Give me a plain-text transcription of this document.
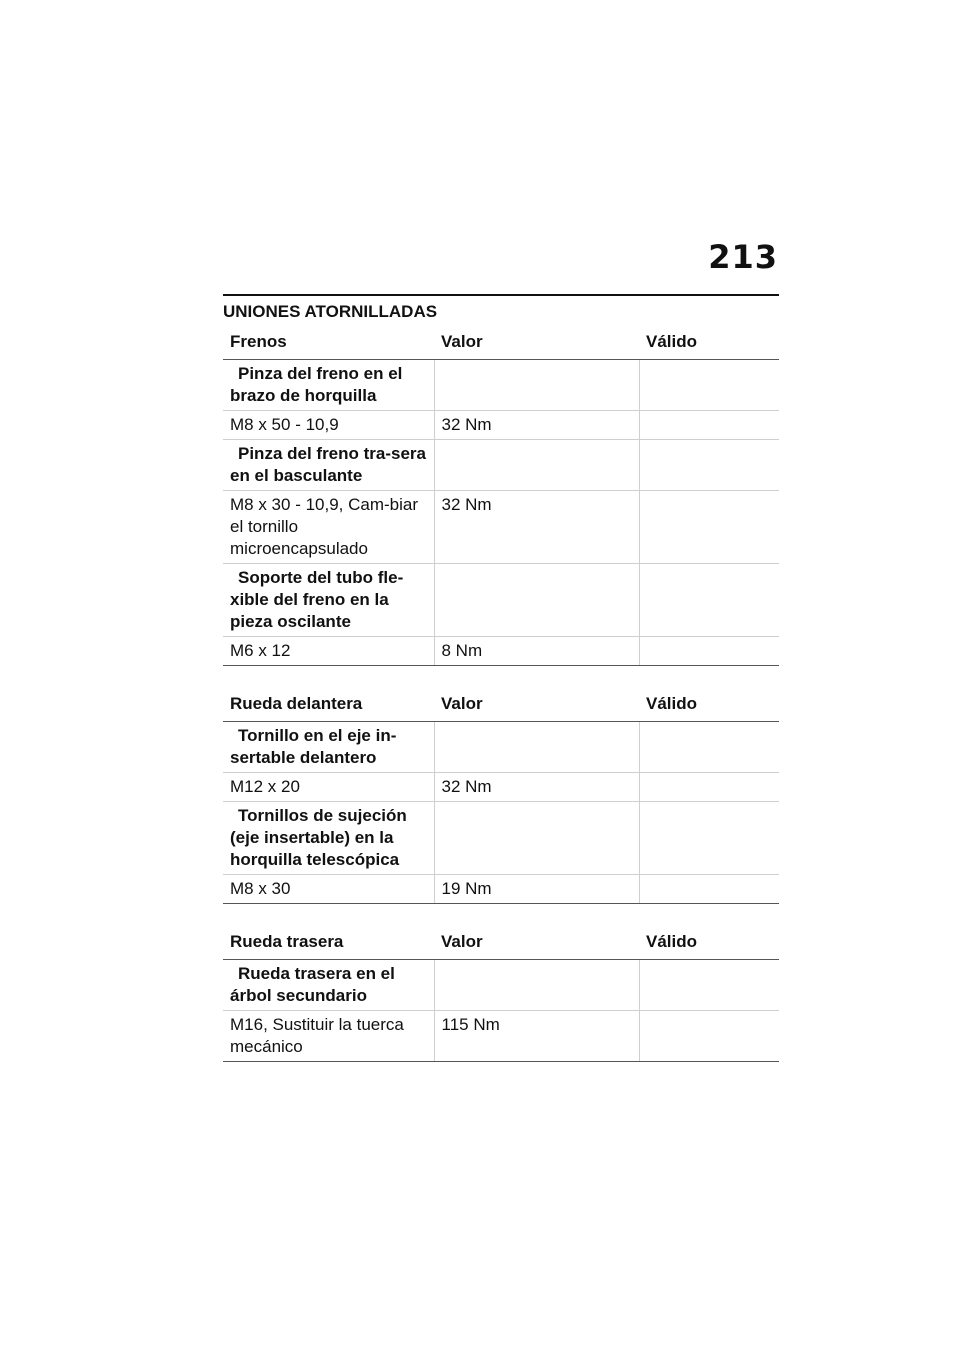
213
UNIONES ATORNILLADAS
Frenos	Valor	Válido
Pinza del freno en el brazo de horquilla		
M8 x 50 - 10,9	32 Nm	
Pinza del freno tra-sera en el basculante		
M8 x 30 - 10,9, Cam-biar el tornillo microencapsulado	32 Nm	
Soporte del tubo fle-xible del freno en la pieza oscilante		
M6 x 12	8 Nm	
Rueda delantera	Valor	Válido
Tornillo en el eje in-sertable delantero		
M12 x 20	32 Nm	
Tornillos de sujeción (eje insertable) en la horquilla telescópica		
M8 x 30	19 Nm	
Rueda trasera	Valor	Válido
Rueda trasera en el árbol secundario		
M16, Sustituir la tuerca mecánico	115 Nm	
